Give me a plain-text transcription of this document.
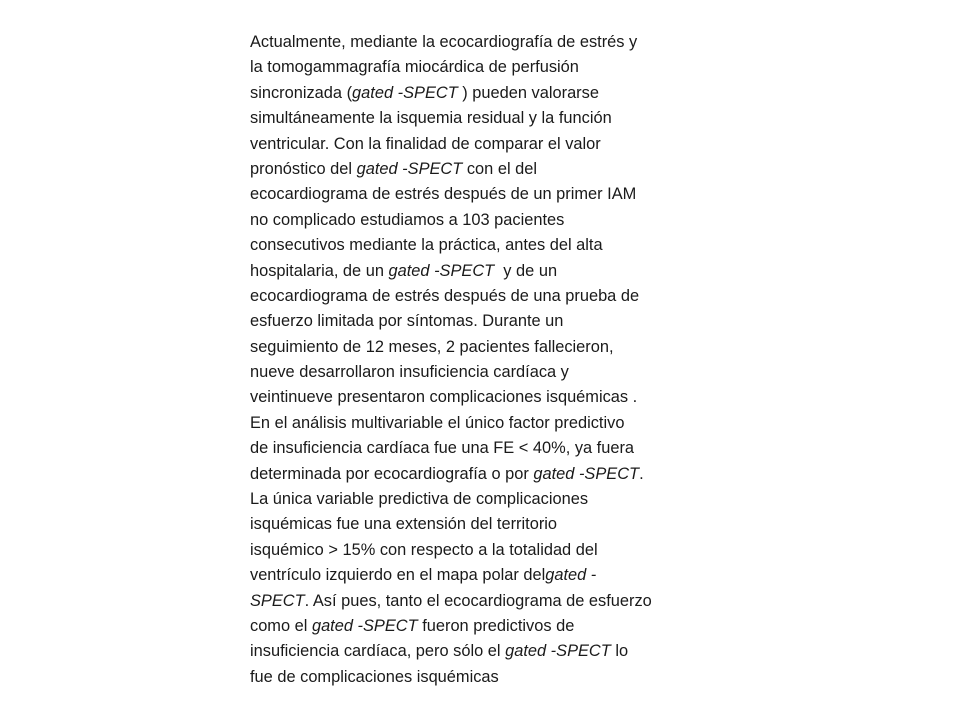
Actualmente, mediante la ecocardiografía de estrés y
la tomogammagrafía miocárdica de perfusión
sincronizada (gated -SPECT ) pueden valorarse
simultáneamente la isquemia residual y la función
ventricular. Con la finalidad de comparar el valor
pronóstico del gated -SPECT con el del
ecocardiograma de estrés después de un primer IAM
no complicado estudiamos a 103 pacientes
consecutivos mediante la práctica, antes del alta
hospitalaria, de un gated -SPECT  y de un
ecocardiograma de estrés después de una prueba de
esfuerzo limitada por síntomas. Durante un
seguimiento de 12 meses, 2 pacientes fallecieron,
nueve desarrollaron insuficiencia cardíaca y
veintinueve presentaron complicaciones isquémicas .
En el análisis multivariable el único factor predictivo
de insuficiencia cardíaca fue una FE < 40%, ya fuera
determinada por ecocardiografía o por gated -SPECT.
La única variable predictiva de complicaciones
isquémicas fue una extensión del territorio
isquémico > 15% con respecto a la totalidad del
ventrículo izquierdo en el mapa polar delgated -
SPECT. Así pues, tanto el ecocardiograma de esfuerzo
como el gated -SPECT fueron predictivos de
insuficiencia cardíaca, pero sólo el gated -SPECT lo
fue de complicaciones isquémicas
